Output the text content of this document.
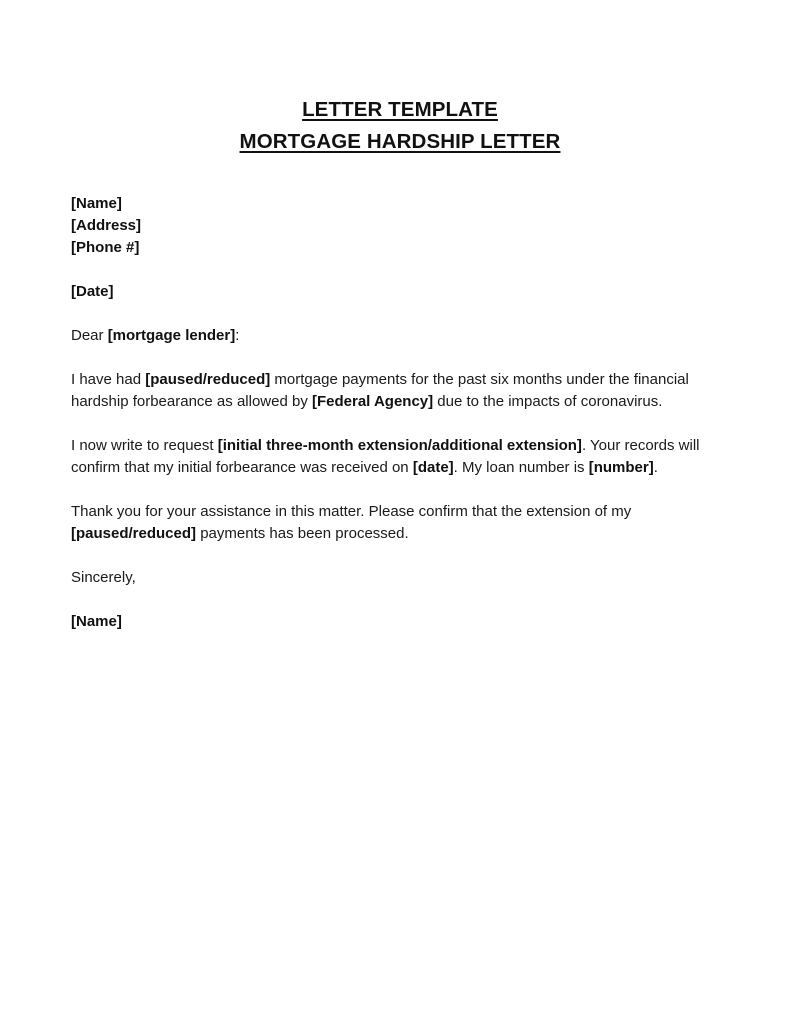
LETTER TEMPLATE
MORTGAGE HARDSHIP LETTER

[Name]
[Address]
[Phone #]

[Date]

Dear [mortgage lender]:

I have had [paused/reduced] mortgage payments for the past six months under the financial hardship forbearance as allowed by [Federal Agency] due to the impacts of coronavirus.

I now write to request [initial three-month extension/additional extension]. Your records will confirm that my initial forbearance was received on [date]. My loan number is [number].

Thank you for your assistance in this matter. Please confirm that the extension of my [paused/reduced] payments has been processed.

Sincerely,

[Name]
